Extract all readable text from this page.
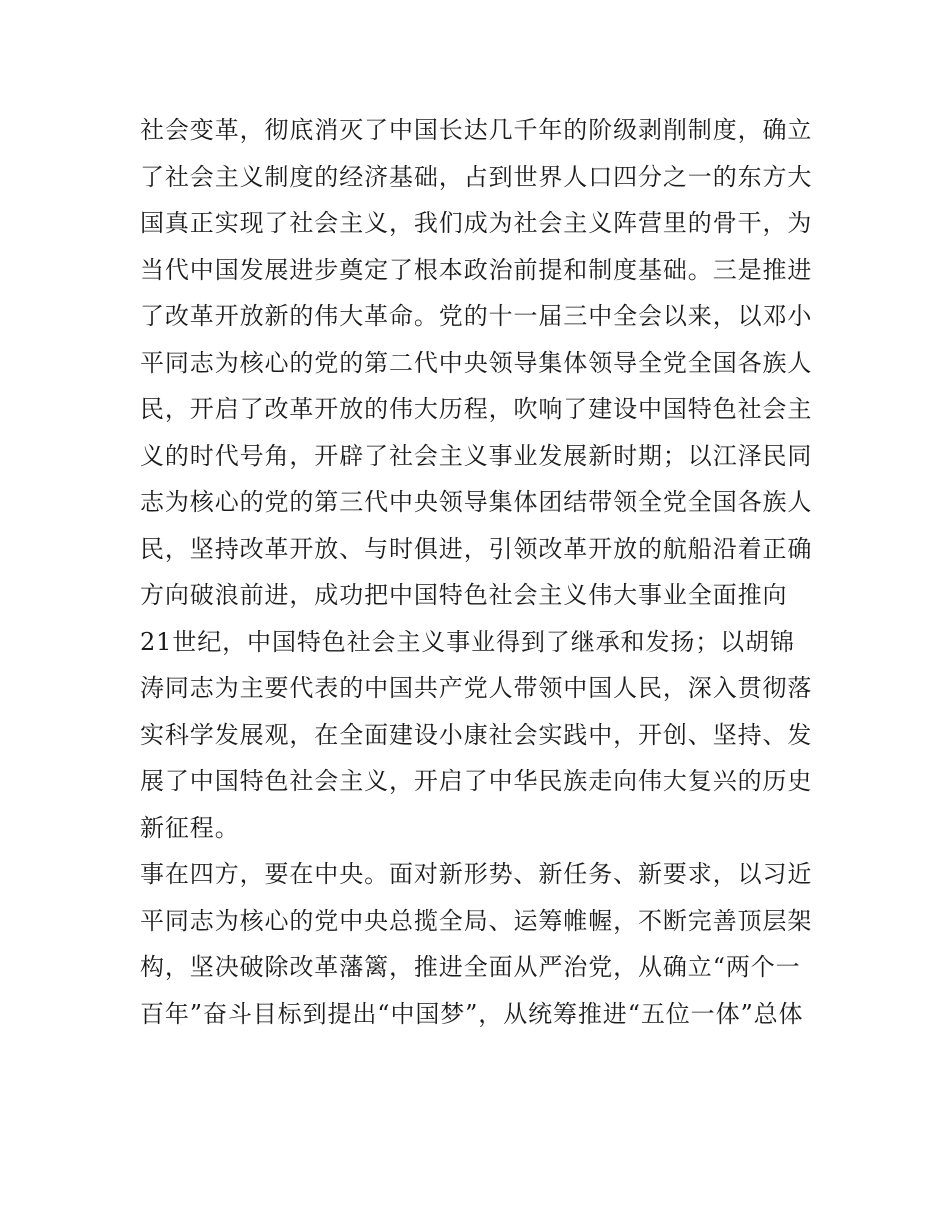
社会变革，彻底消灭了中国长达几千年的阶级剥削制度，确立
了社会主义制度的经济基础，占到世界人口四分之一的东方大
国真正实现了社会主义，我们成为社会主义阵营里的骨干，为
当代中国发展进步奠定了根本政治前提和制度基础。三是推进
了改革开放新的伟大革命。党的十一届三中全会以来，以邓小
平同志为核心的党的第二代中央领导集体领导全党全国各族人
民，开启了改革开放的伟大历程，吹响了建设中国特色社会主
义的时代号角，开辟了社会主义事业发展新时期；以江泽民同
志为核心的党的第三代中央领导集体团结带领全党全国各族人
民，坚持改革开放、与时俱进，引领改革开放的航船沿着正确
方向破浪前进，成功把中国特色社会主义伟大事业全面推向
21世纪，中国特色社会主义事业得到了继承和发扬；以胡锦
涛同志为主要代表的中国共产党人带领中国人民，深入贯彻落
实科学发展观，在全面建设小康社会实践中，开创、坚持、发
展了中国特色社会主义，开启了中华民族走向伟大复兴的历史
新征程。
事在四方，要在中央。面对新形势、新任务、新要求，以习近
平同志为核心的党中央总揽全局、运筹帷幄，不断完善顶层架
构，坚决破除改革藩篱，推进全面从严治党，从确立“两个一
百年”奋斗目标到提出“中国梦”，从统筹推进“五位一体”总体
